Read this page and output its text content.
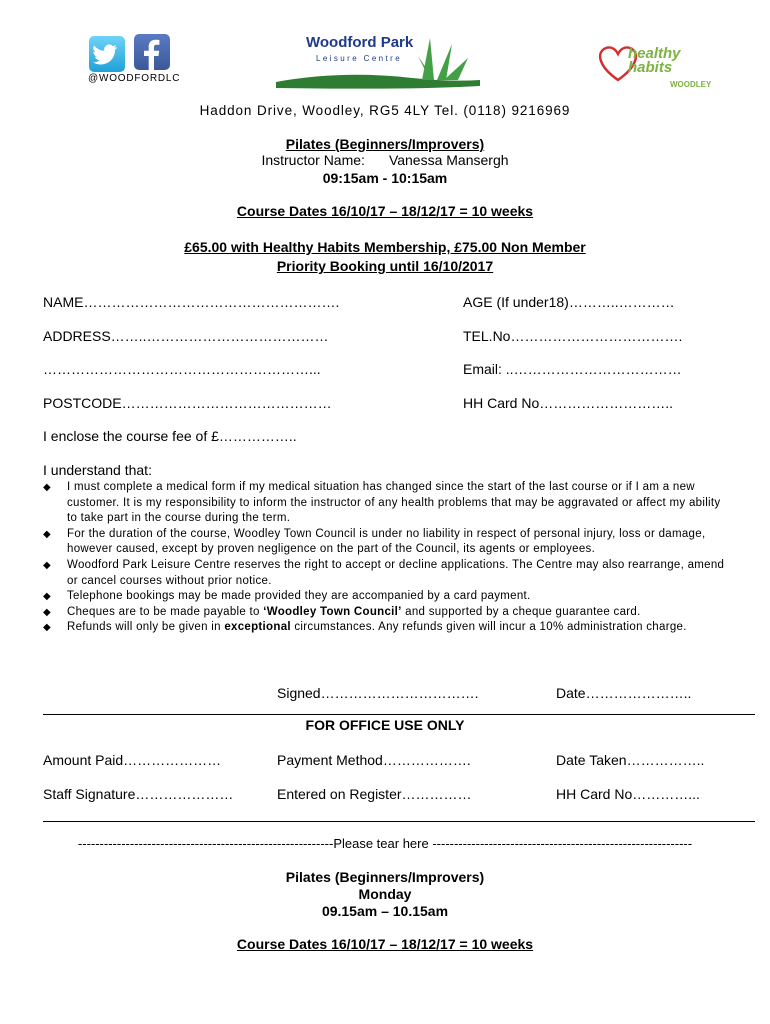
@WOODFORDLC
Woodford Park
Leisure Centre	healthy habits
WOODLEY
Haddon Drive, Woodley, RG5 4LY Tel. (0118) 9216969
Pilates (Beginners/Improvers)
Instructor Name: Vanessa Mansergh
09:15am - 10:15am
Course Dates 16/10/17 – 18/12/17 = 10 weeks
£65.00 with Healthy Habits Membership, £75.00 Non Member
Priority Booking until 16/10/2017
NAME……………………………………………….	AGE (If under18)………..…………
ADDRESS……..…………………………………	TEL.No……………………………….
…………………………………………………...	Email: ..………………………………
POSTCODE………………………………………	HH Card No………………………..
I enclose the course fee of £……………..
I understand that:
◆	I must complete a medical form if my medical situation has changed since the start of the last course or if I am a new customer. It is my responsibility to inform the instructor of any health problems that may be aggravated or affect my ability to take part in the course during the term.
◆	For the duration of the course, Woodley Town Council is under no liability in respect of personal injury, loss or damage, however caused, except by proven negligence on the part of the Council, its agents or employees.
◆	Woodford Park Leisure Centre reserves the right to accept or decline applications. The Centre may also rearrange, amend or cancel courses without prior notice.
◆	Telephone bookings may be made provided they are accompanied by a card payment.
◆	Cheques are to be made payable to ‘Woodley Town Council’ and supported by a cheque guarantee card.
◆	Refunds will only be given in exceptional circumstances. Any refunds given will incur a 10% administration charge.
Signed…………………………….	Date…………………..
FOR OFFICE USE ONLY
Amount Paid…………………	Payment Method……………….	Date Taken……………..
Staff Signature…………………	Entered on Register……………	HH Card No…………...
-----------------------------------------------------------Please tear here ------------------------------------------------------------
Pilates (Beginners/Improvers)
Monday
09.15am – 10.15am
Course Dates 16/10/17 – 18/12/17 = 10 weeks
